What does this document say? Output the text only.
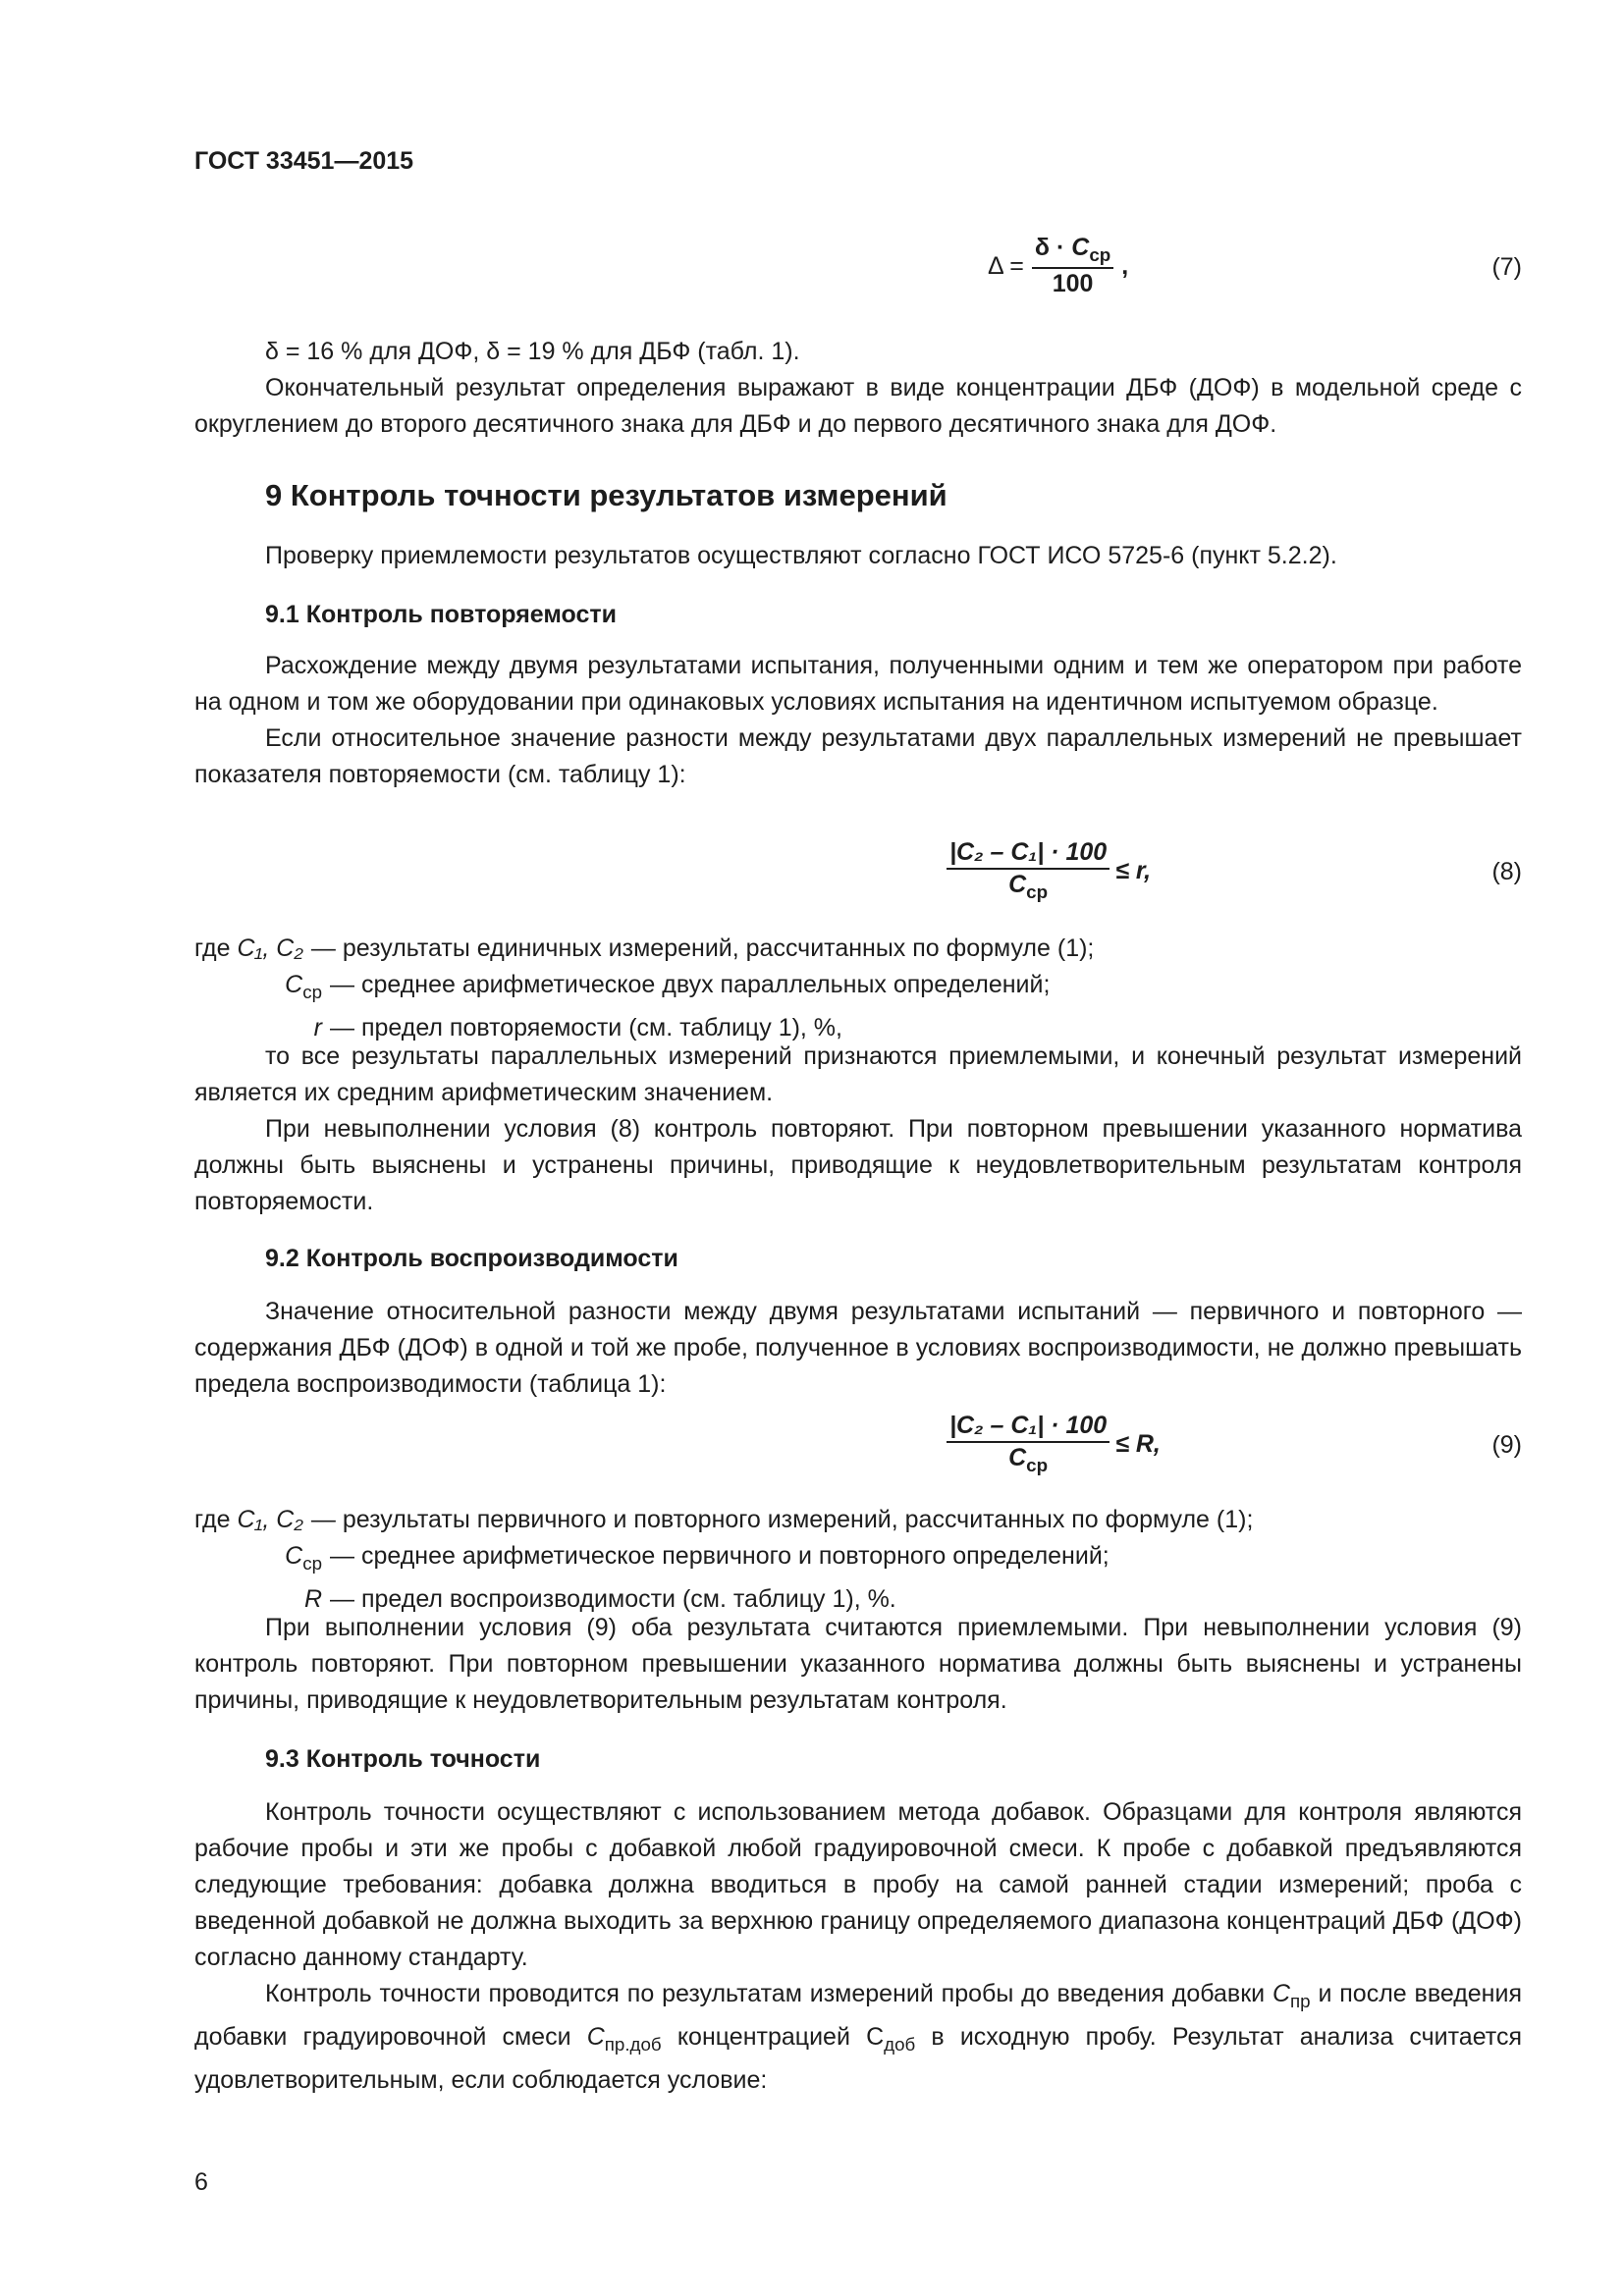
ГОСТ 33451—2015
$\Delta = \frac{\delta \cdot C_{ср}}{100}$ ,	(7)

δ = 16 % для ДОФ, δ = 19 % для ДБФ (табл. 1).

Окончательный результат определения выражают в виде концентрации ДБФ (ДОФ) в модельной среде с округлением до второго десятичного знака для ДБФ и до первого десятичного знака для ДОФ.

9 Контроль точности результатов измерений

Проверку приемлемости результатов осуществляют согласно ГОСТ ИСО 5725-6 (пункт 5.2.2).

9.1 Контроль повторяемости

Расхождение между двумя результатами испытания, полученными одним и тем же оператором при работе на одном и том же оборудовании при одинаковых условиях испытания на идентичном испытуемом образце.

Если относительное значение разности между результатами двух параллельных измерений не превышает показателя повторяемости (см. таблицу 1):

$\frac{\text{|C₂ – C₁| · 100}}{C_{ср}} \le r$,	(8)
где C₁, C₂ — результаты единичных измерений, рассчитанных по формуле (1);
$C_{ср}$ — среднее арифметическое двух параллельных определений;
r — предел повторяемости (см. таблицу 1), %,

то все результаты параллельных измерений признаются приемлемыми, и конечный результат измерений является их средним арифметическим значением.

При невыполнении условия (8) контроль повторяют. При повторном превышении указанного норматива должны быть выяснены и устранены причины, приводящие к неудовлетворительным результатам контроля повторяемости.

9.2 Контроль воспроизводимости

Значение относительной разности между двумя результатами испытаний — первичного и повторного — содержания ДБФ (ДОФ) в одной и той же пробе, полученное в условиях воспроизводимости, не должно превышать предела воспроизводимости (таблица 1):

$\frac{\text{|C₂ – C₁| · 100}}{C_{ср}} \le R$,	(9)
где C₁, C₂ — результаты первичного и повторного измерений, рассчитанных по формуле (1);
$C_{ср}$ — среднее арифметическое первичного и повторного определений;
R — предел воспроизводимости (см. таблицу 1), %.

При выполнении условия (9) оба результата считаются приемлемыми. При невыполнении условия (9) контроль повторяют. При повторном превышении указанного норматива должны быть выяснены и устранены причины, приводящие к неудовлетворительным результатам контроля.

9.3 Контроль точности

Контроль точности осуществляют с использованием метода добавок. Образцами для контроля являются рабочие пробы и эти же пробы с добавкой любой градуировочной смеси. К пробе с добавкой предъявляются следующие требования: добавка должна вводиться в пробу на самой ранней стадии измерений; проба с введенной добавкой не должна выходить за верхнюю границу определяемого диапазона концентраций ДБФ (ДОФ) согласно данному стандарту.

Контроль точности проводится по результатам измерений пробы до введения добавки $C_{пр}$ и после введения добавки градуировочной смеси $C_{пр.доб}$ концентрацией $C_{доб}$ в исходную пробу. Результат анализа считается удовлетворительным, если соблюдается условие:

6
